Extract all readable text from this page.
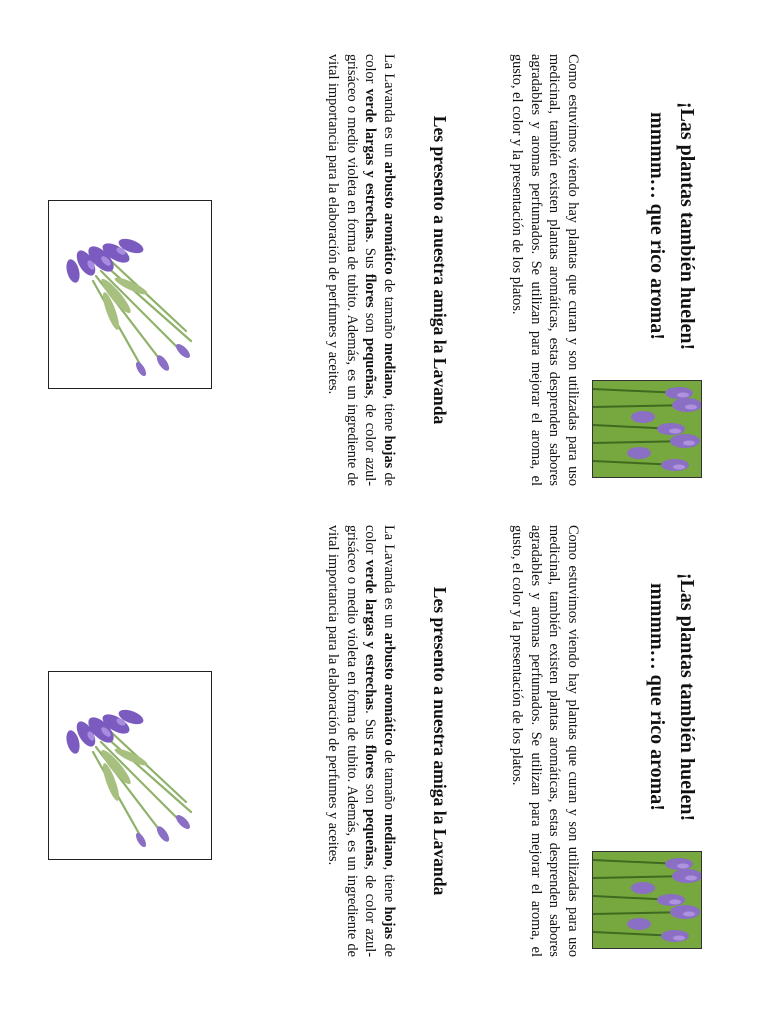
¡Las plantas también huelen!
mmmm… que rico aroma!

Como estuvimos viendo hay plantas que curan y son utilizadas para uso medicinal, también existen plantas aromáticas, estas desprenden sabores agradables y aromas perfumados. Se utilizan para mejorar el aroma, el gusto, el color y la presentación de los platos.

Les presento a nuestra amiga la Lavanda

La Lavanda es un arbusto aromático de tamaño mediano, tiene hojas de color verde largas y estrechas. Sus flores son pequeñas, de color azul-grisáceo o medio violeta en forma de tubito. Además, es un ingrediente de vital importancia para la elaboración de perfumes y aceites.

¡Las plantas también huelen!
mmmm… que rico aroma!

Como estuvimos viendo hay plantas que curan y son utilizadas para uso medicinal, también existen plantas aromáticas, estas desprenden sabores agradables y aromas perfumados. Se utilizan para mejorar el aroma, el gusto, el color y la presentación de los platos.

Les presento a nuestra amiga la Lavanda

La Lavanda es un arbusto aromático de tamaño mediano, tiene hojas de color verde largas y estrechas. Sus flores son pequeñas, de color azul-grisáceo o medio violeta en forma de tubito. Además, es un ingrediente de vital importancia para la elaboración de perfumes y aceites.
